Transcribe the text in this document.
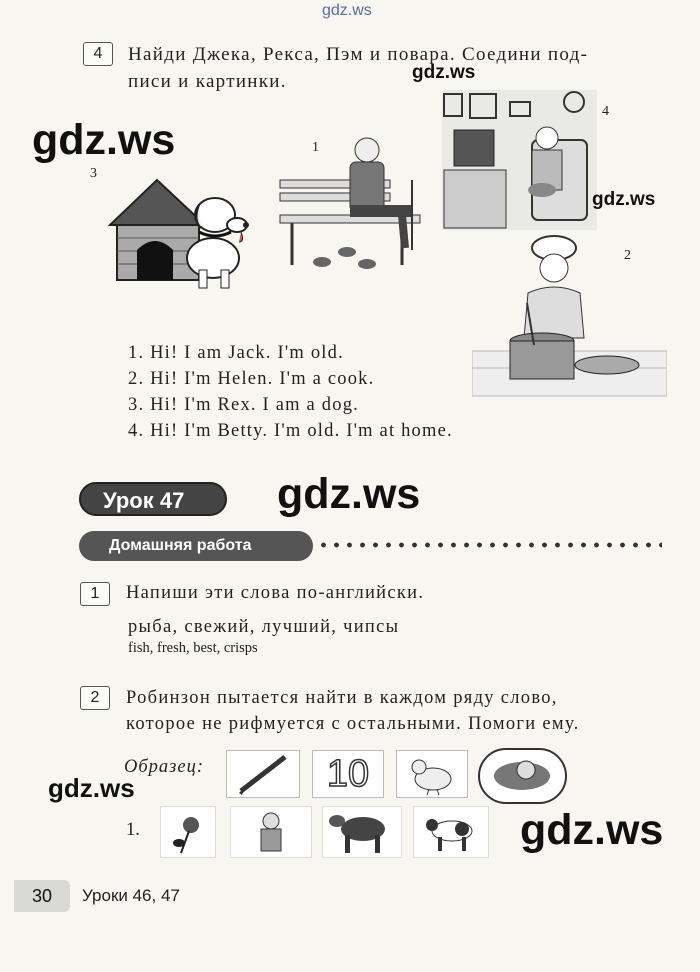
gdz.ws
4	Найди Джека, Рекса, Пэм и повара. Соедини под-
писи и картинки.	gdz.ws
gdz.ws
3
1
4
gdz.ws
2
1. Hi! I am Jack. I'm old.
2. Hi! I'm Helen. I'm a cook.
3. Hi! I'm Rex. I am a dog.
4. Hi! I'm Betty. I'm old. I'm at home.
Урок 47	gdz.ws
Домашняя работа
1	Напиши эти слова по-английски.
рыба, свежий, лучший, чипсы
fish, fresh, best, crisps
2	Робинзон пытается найти в каждом ряду слово,
которое не рифмуется с остальными. Помоги ему.
Образец:	10
gdz.ws
1.	gdz.ws
30	Уроки 46, 47
